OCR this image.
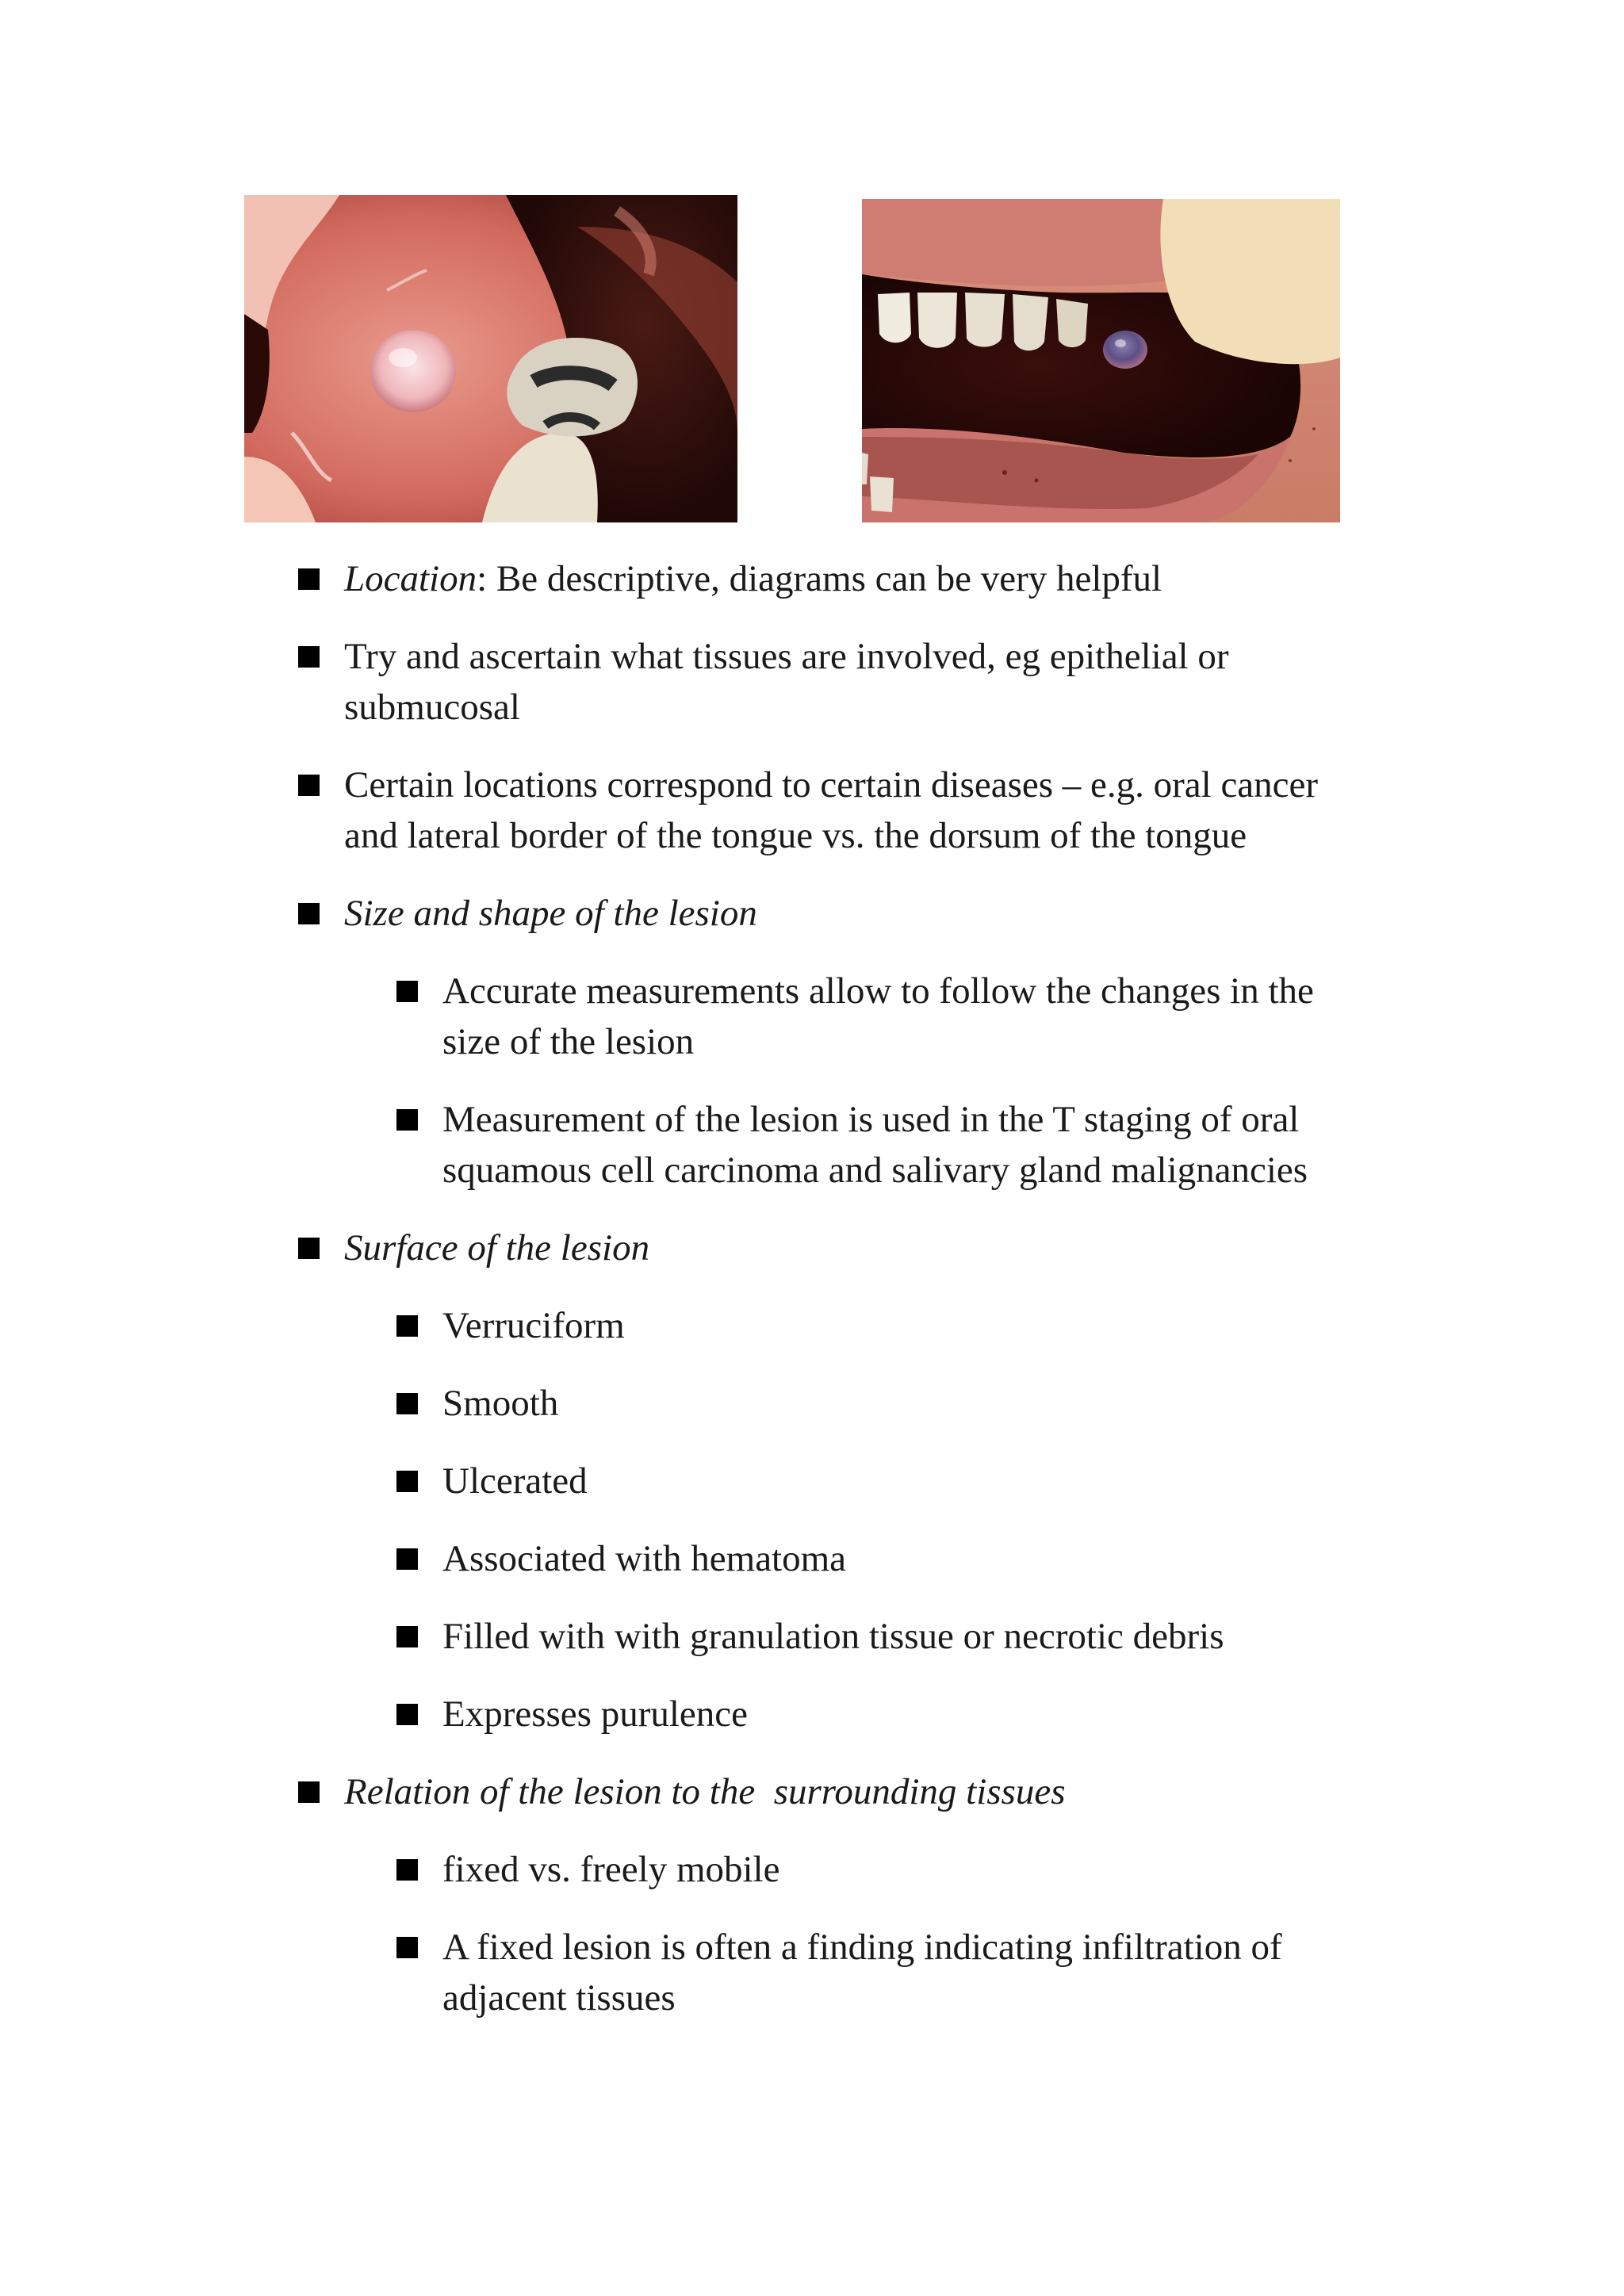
Location: Be descriptive, diagrams can be very helpful
Try and ascertain what tissues are involved, eg epithelial or submucosal
Certain locations correspond to certain diseases – e.g. oral cancer and lateral border of the tongue vs. the dorsum of the tongue
Size and shape of the lesion
Accurate measurements allow to follow the changes in the size of the lesion
Measurement of the lesion is used in the T staging of oral squamous cell carcinoma and salivary gland malignancies
Surface of the lesion
Verruciform
Smooth
Ulcerated
Associated with hematoma
Filled with with granulation tissue or necrotic debris
Expresses purulence
Relation of the lesion to the  surrounding tissues
fixed vs. freely mobile
A fixed lesion is often a finding indicating infiltration of adjacent tissues
